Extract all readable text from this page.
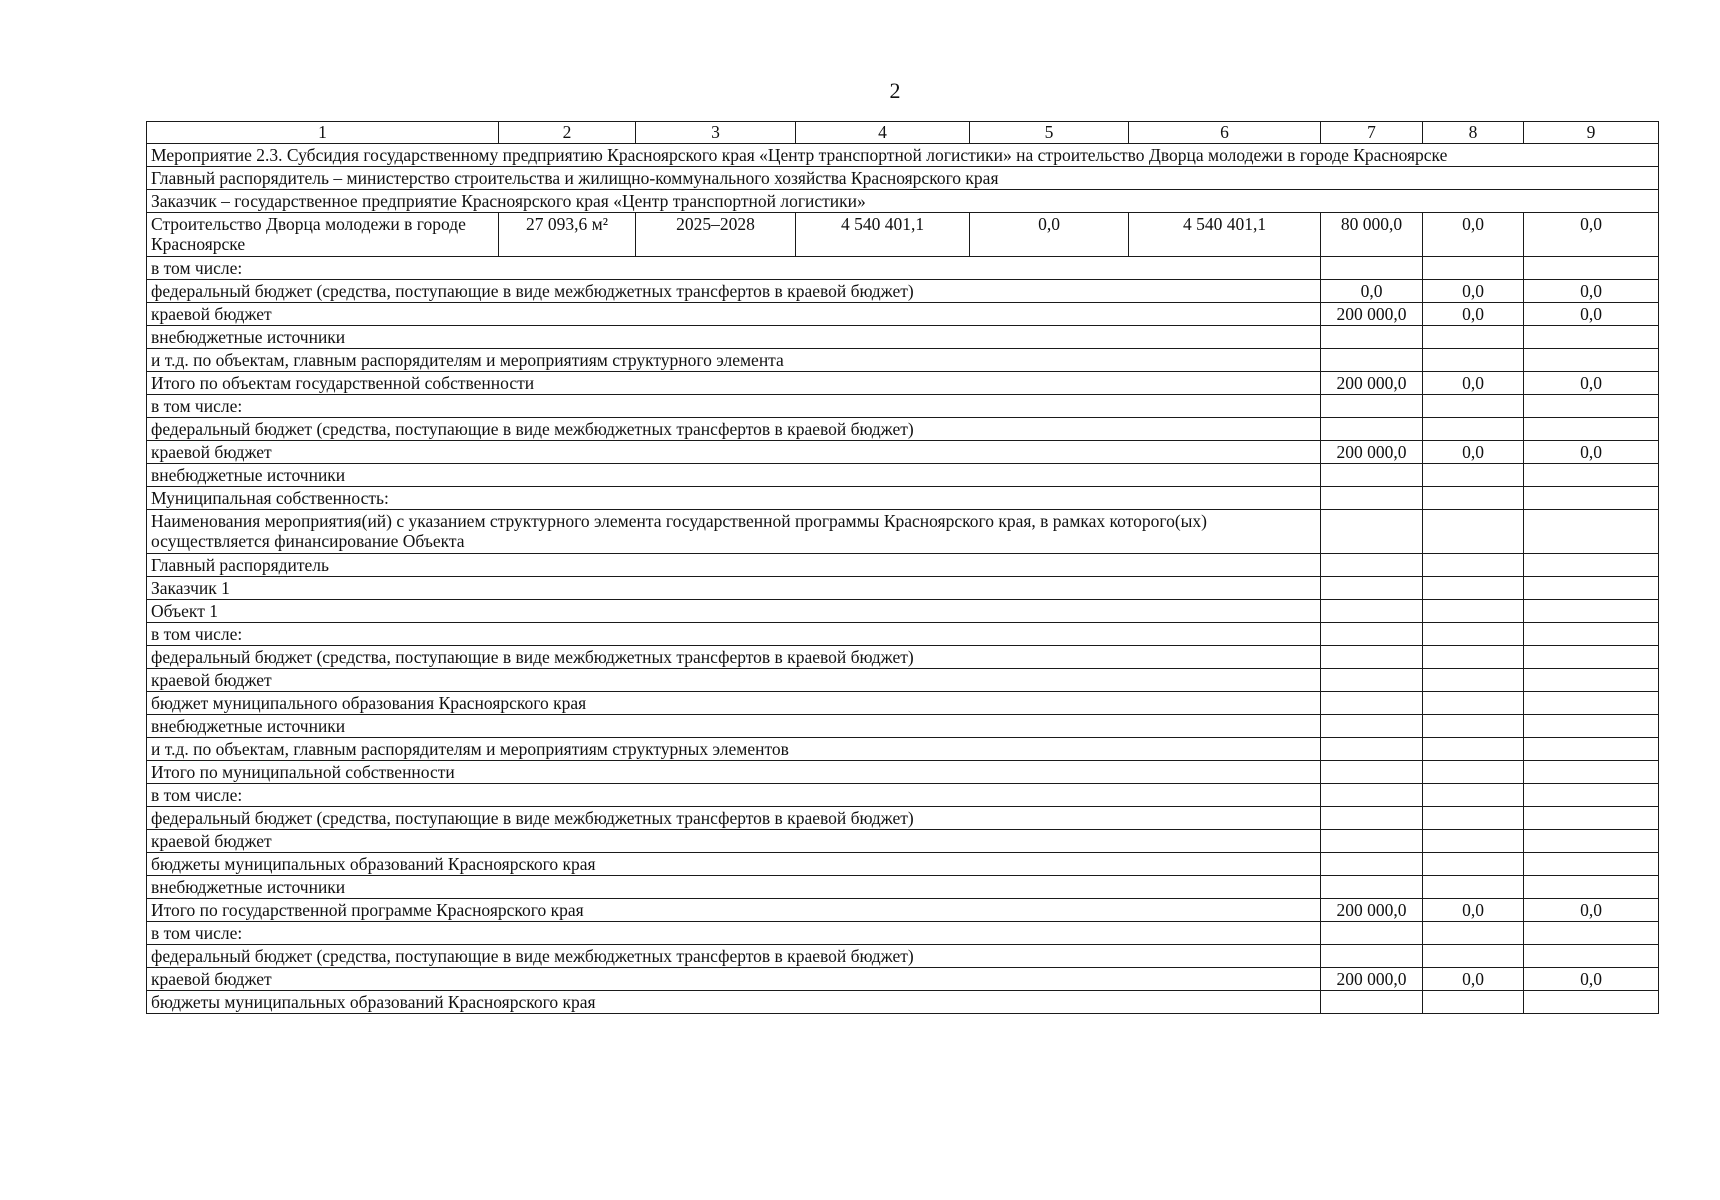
2
1	2	3	4	5	6	7	8	9
Мероприятие 2.3. Субсидия государственному предприятию Красноярского края «Центр транспортной логистики» на строительство Дворца молодежи в городе Красноярске								
Главный распорядитель – министерство строительства и жилищно-коммунального хозяйства Красноярского края								
Заказчик – государственное предприятие Красноярского края «Центр транспортной логистики»								
Строительство Дворца молодежи в городе Красноярске	27 093,6 м²	2025–2028	4 540 401,1	0,0	4 540 401,1	80 000,0	0,0	0,0
в том числе:								
федеральный бюджет (средства, поступающие в виде межбюджетных трансфертов в краевой бюджет)						0,0	0,0	0,0
краевой бюджет						200 000,0	0,0	0,0
внебюджетные источники								
и т.д. по объектам, главным распорядителям и мероприятиям структурного элемента								
Итого по объектам государственной собственности						200 000,0	0,0	0,0
в том числе:								
федеральный бюджет (средства, поступающие в виде межбюджетных трансфертов в краевой бюджет)								
краевой бюджет						200 000,0	0,0	0,0
внебюджетные источники								
Муниципальная собственность:								
Наименования мероприятия(ий) с указанием структурного элемента государственной программы Красноярского края, в рамках которого(ых) осуществляется финансирование Объекта								
Главный распорядитель								
Заказчик 1								
Объект 1								
в том числе:								
федеральный бюджет (средства, поступающие в виде межбюджетных трансфертов в краевой бюджет)								
краевой бюджет								
бюджет муниципального образования Красноярского края								
внебюджетные источники								
и т.д. по объектам, главным распорядителям и мероприятиям структурных элементов								
Итого по муниципальной собственности								
в том числе:								
федеральный бюджет (средства, поступающие в виде межбюджетных трансфертов в краевой бюджет)								
краевой бюджет								
бюджеты муниципальных образований Красноярского края								
внебюджетные источники								
Итого по государственной программе Красноярского края						200 000,0	0,0	0,0
в том числе:								
федеральный бюджет (средства, поступающие в виде межбюджетных трансфертов в краевой бюджет)								
краевой бюджет						200 000,0	0,0	0,0
бюджеты муниципальных образований Красноярского края								
